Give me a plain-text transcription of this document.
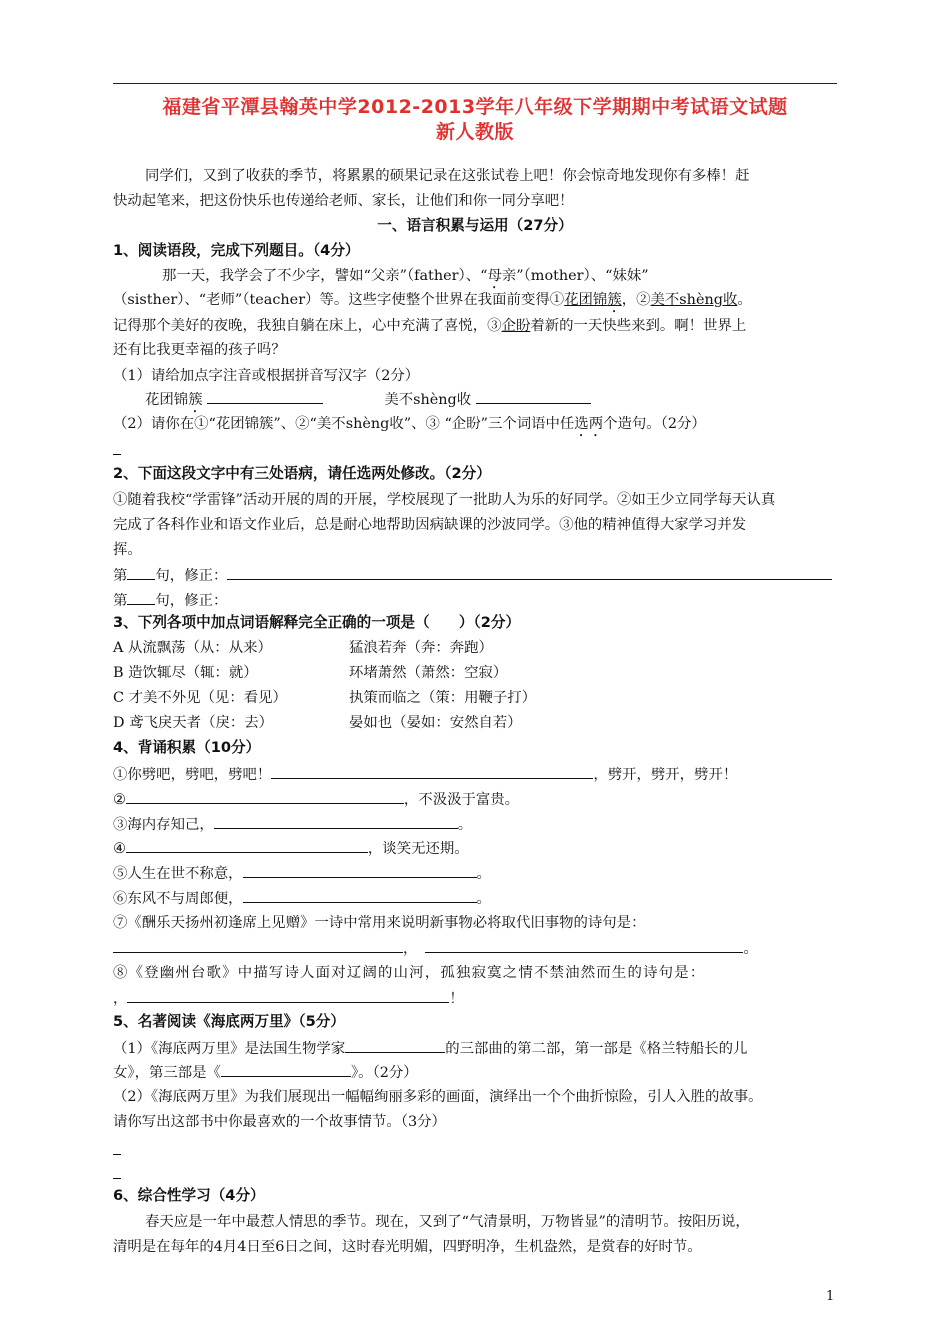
福建省平潭县翰英中学2012-2013学年八年级下学期期中考试语文试题
新人教版
同学们，又到了收获的季节，将累累的硕果记录在这张试卷上吧！你会惊奇地发现你有多棒！赶
快动起笔来，把这份快乐也传递给老师、家长，让他们和你一同分享吧！
一、语言积累与运用（27分）
1、阅读语段，完成下列题目。（4分）
那一天，我学会了不少字，譬如“父亲”（father）、“母亲”（mother）、“妹妹”
（sisther）、“老师”（teacher）等。这些字使整个世界在我面前变得①花团锦簇，②美不shèng收。
记得那个美好的夜晚，我独自躺在床上，心中充满了喜悦，③企盼着新的一天快些来到。啊！世界上
还有比我更幸福的孩子吗？
（1）请给加点字注音或根据拼音写汉字（2分）
花团锦簇	美不shèng收
（2）请你在①“花团锦簇”、②“美不shèng收”、③ “企盼”三个词语中任选两个造句。（2分）
2、下面这段文字中有三处语病，请任选两处修改。（2分）
①随着我校“学雷锋”活动开展的周的开展，学校展现了一批助人为乐的好同学。②如王少立同学每天认真
完成了各科作业和语文作业后，总是耐心地帮助因病缺课的沙波同学。③他的精神值得大家学习并发
挥。
第 句，修正：
第 句，修正：
3、下列各项中加点词语解释完全正确的一项是（　　）（2分）
A 从流飘荡（从：从来）	猛浪若奔（奔：奔跑）
B 造饮辄尽（辄：就）	环堵萧然（萧然：空寂）
C 才美不外见（见：看见）	执策而临之（策：用鞭子打）
D 鸢飞戾天者（戾：去）	晏如也（晏如：安然自若）
4、背诵积累（10分）
①你劈吧，劈吧，劈吧！	，劈开，劈开，劈开！
②	，不汲汲于富贵。
③海内存知己，	。
④	，谈笑无还期。
⑤人生在世不称意，	。
⑥东风不与周郎便，	。
⑦《酬乐天扬州初逢席上见赠》一诗中常用来说明新事物必将取代旧事物的诗句是：
，	。
⑧《登幽州台歌》中描写诗人面对辽阔的山河，孤独寂寞之情不禁油然而生的诗句是：
，	！
5、名著阅读《海底两万里》（5分）
（1）《海底两万里》是法国生物学家	的三部曲的第二部，第一部是《格兰特船长的儿
女》，第三部是《	》。（2分）
（2）《海底两万里》为我们展现出一幅幅绚丽多彩的画面，演绎出一个个曲折惊险，引人入胜的故事。
请你写出这部书中你最喜欢的一个故事情节。（3分）
6、综合性学习（4分）
春天应是一年中最惹人情思的季节。现在，又到了“气清景明，万物皆显”的清明节。按阳历说，
清明是在每年的4月4日至6日之间，这时春光明媚，四野明净，生机盎然，是赏春的好时节。
1
